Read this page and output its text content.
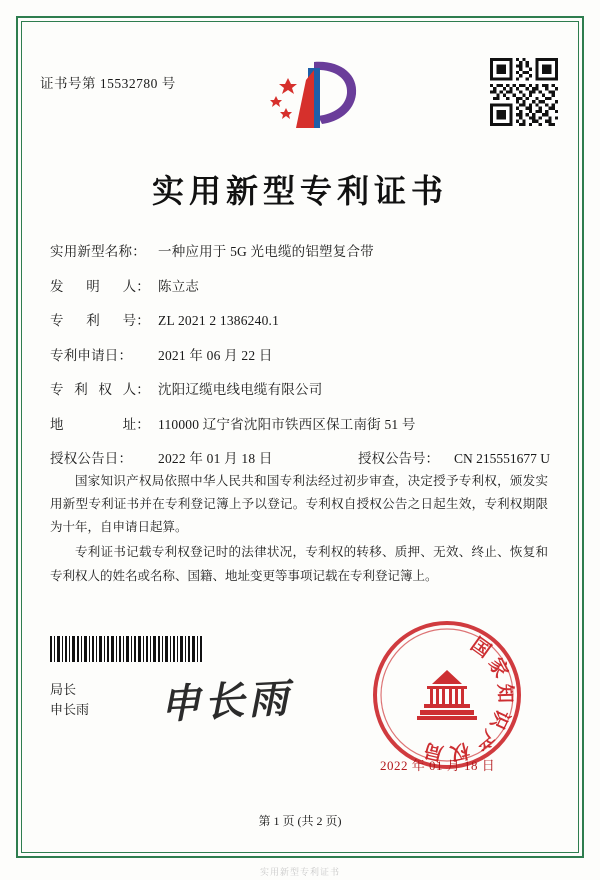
证书号第 15532780 号
实用新型专利证书
实用新型名称： 一种应用于 5G 光电缆的铝塑复合带
发 明 人： 陈立志
专 利 号： ZL 2021 2 1386240.1
专利申请日：	2021 年 06 月 22 日
专 利 权 人： 沈阳辽缆电线电缆有限公司
地	址： 110000 辽宁省沈阳市铁西区保工南街 51 号
授权公告日：	2022 年 01 月 18 日	授权公告号：	CN 215551677 U

国家知识产权局依照中华人民共和国专利法经过初步审查，决定授予专利权，颁发实用新型专利证书并在专利登记簿上予以登记。专利权自授权公告之日起生效，专利权期限为十年，自申请日起算。

专利证书记载专利权登记时的法律状况，专利权的转移、质押、无效、终止、恢复和专利权人的姓名或名称、国籍、地址变更等事项记载在专利登记簿上。

局长
申长雨 申长雨
国 家 知 识 产 权 局
2022 年 01 月 18 日
第 1 页 (共 2 页)
实用新型专利证书
